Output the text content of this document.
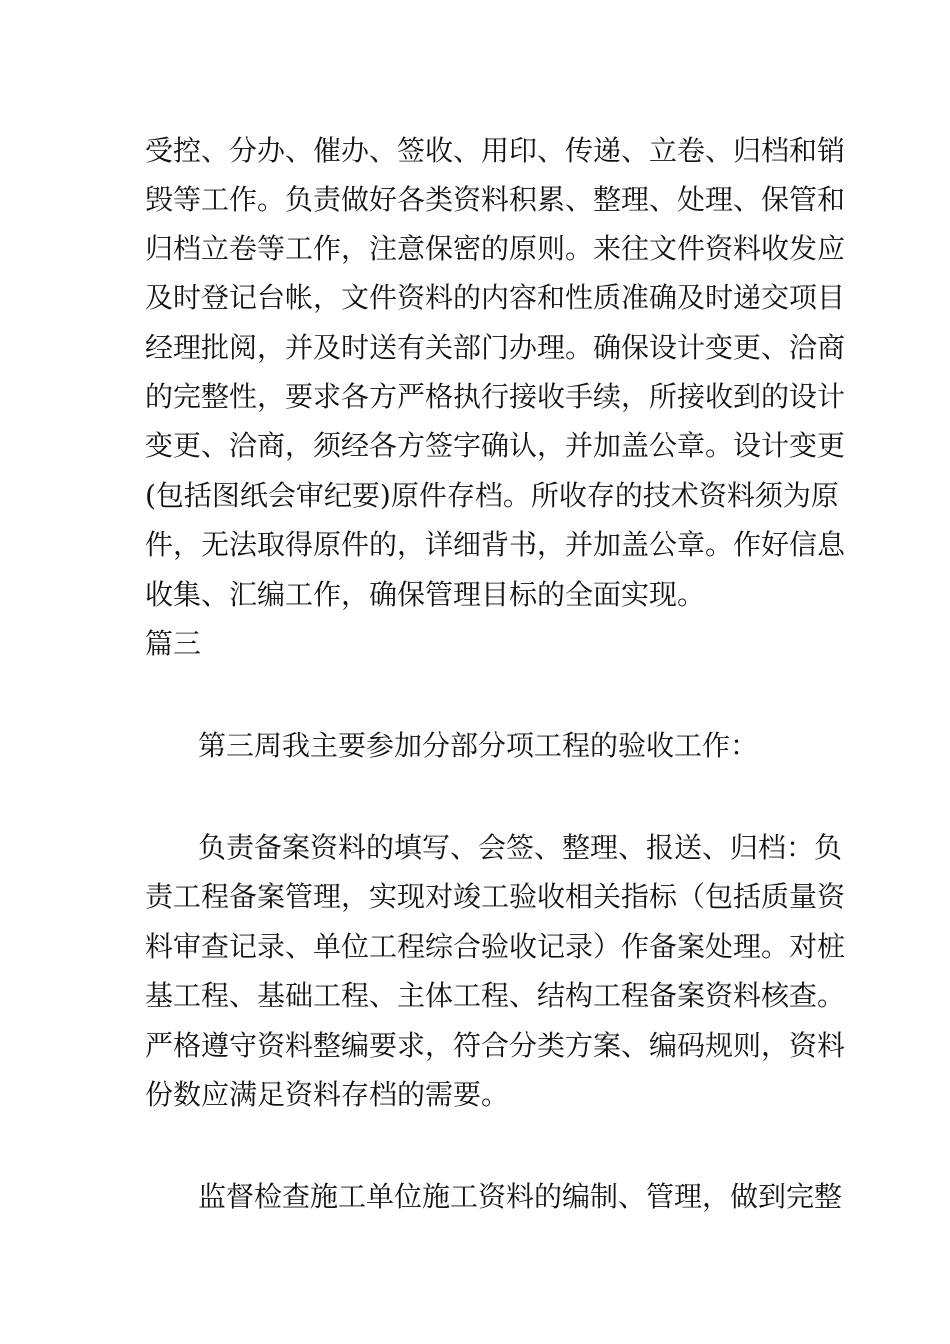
受控、分办、催办、签收、用印、传递、立卷、归档和销
毁等工作。负责做好各类资料积累、整理、处理、保管和
归档立卷等工作，注意保密的原则。来往文件资料收发应
及时登记台帐，文件资料的内容和性质准确及时递交项目
经理批阅，并及时送有关部门办理。确保设计变更、洽商
的完整性，要求各方严格执行接收手续，所接收到的设计
变更、洽商，须经各方签字确认，并加盖公章。设计变更
(包括图纸会审纪要)原件存档。所收存的技术资料须为原
件，无法取得原件的，详细背书，并加盖公章。作好信息
收集、汇编工作，确保管理目标的全面实现。
篇三
第三周我主要参加分部分项工程的验收工作：
负责备案资料的填写、会签、整理、报送、归档：负
责工程备案管理，实现对竣工验收相关指标（包括质量资
料审查记录、单位工程综合验收记录）作备案处理。对桩
基工程、基础工程、主体工程、结构工程备案资料核查。
严格遵守资料整编要求，符合分类方案、编码规则，资料
份数应满足资料存档的需要。
监督检查施工单位施工资料的编制、管理，做到完整
